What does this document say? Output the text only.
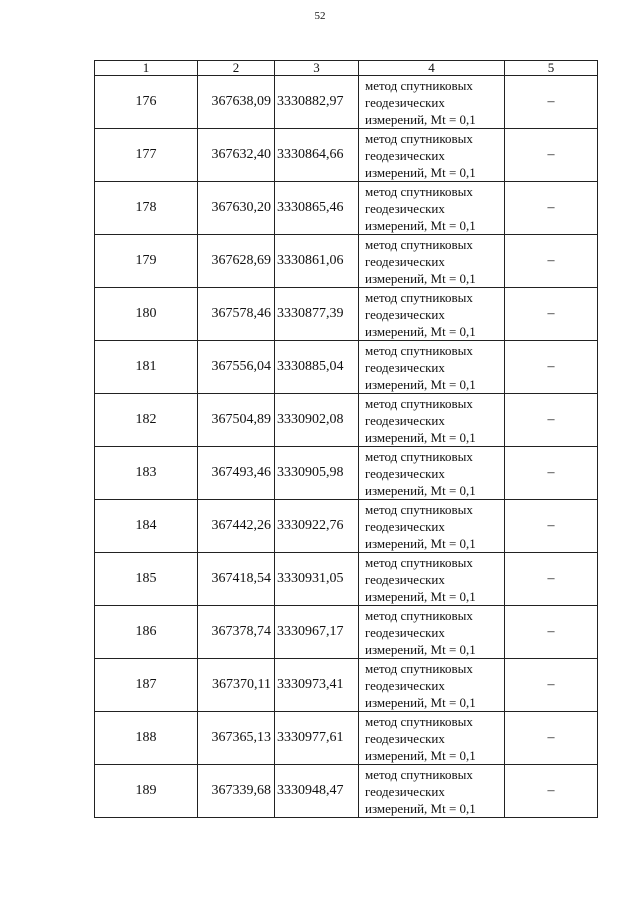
52
1	2	3	4	5
176	367638,09	3330882,97	метод спутниковых
геодезических
измерений, Mt = 0,1	–
177	367632,40	3330864,66	метод спутниковых
геодезических
измерений, Mt = 0,1	–
178	367630,20	3330865,46	метод спутниковых
геодезических
измерений, Mt = 0,1	–
179	367628,69	3330861,06	метод спутниковых
геодезических
измерений, Mt = 0,1	–
180	367578,46	3330877,39	метод спутниковых
геодезических
измерений, Mt = 0,1	–
181	367556,04	3330885,04	метод спутниковых
геодезических
измерений, Mt = 0,1	–
182	367504,89	3330902,08	метод спутниковых
геодезических
измерений, Mt = 0,1	–
183	367493,46	3330905,98	метод спутниковых
геодезических
измерений, Mt = 0,1	–
184	367442,26	3330922,76	метод спутниковых
геодезических
измерений, Mt = 0,1	–
185	367418,54	3330931,05	метод спутниковых
геодезических
измерений, Mt = 0,1	–
186	367378,74	3330967,17	метод спутниковых
геодезических
измерений, Mt = 0,1	–
187	367370,11	3330973,41	метод спутниковых
геодезических
измерений, Mt = 0,1	–
188	367365,13	3330977,61	метод спутниковых
геодезических
измерений, Mt = 0,1	–
189	367339,68	3330948,47	метод спутниковых
геодезических
измерений, Mt = 0,1	–
